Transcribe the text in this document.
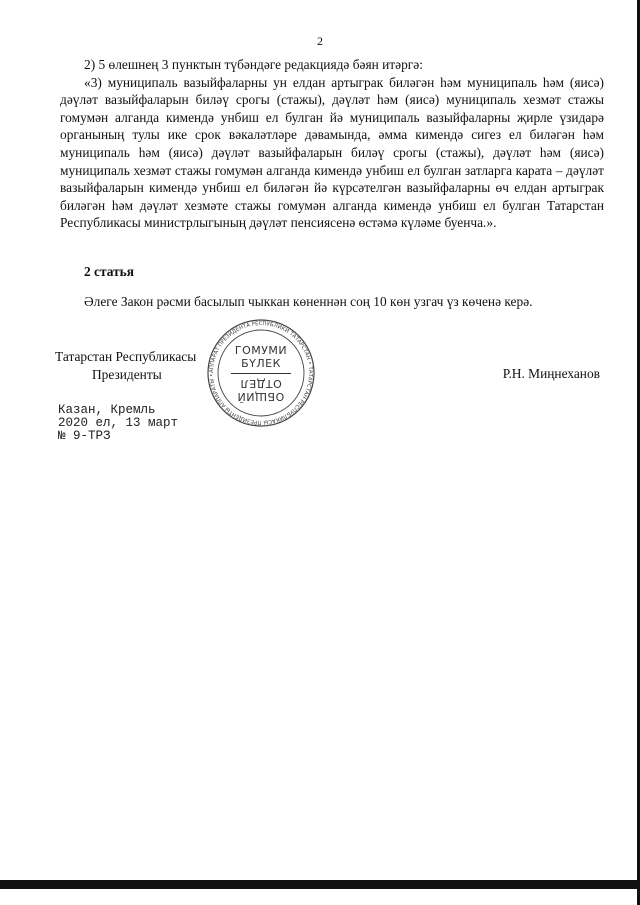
2

2) 5 өлешнең 3 пунктын түбәндәге редакциядә бәян итәргә:

«3) муниципаль вазыйфаларны ун елдан артыграк биләгән һәм муниципаль һәм (яисә) дәүләт вазыйфаларын биләү срогы (стажы), дәүләт һәм (яисә) муниципаль хезмәт стажы гомумән алганда кимендә унбиш ел булган йә муниципаль вазыйфаларны җирле үзидарә органының тулы ике срок вәкаләтләре дәвамында, әмма кимендә сигез ел биләгән һәм муниципаль һәм (яисә) дәүләт вазыйфаларын биләү срогы (стажы), дәүләт һәм (яисә) муниципаль хезмәт стажы гомумән алганда кимендә унбиш ел булган затларга карата – дәүләт вазыйфаларын кимендә унбиш ел биләгән йә күрсәтелгән вазыйфаларны өч елдан артыграк биләгән һәм дәүләт хезмәте стажы гомумән алганда кимендә унбиш ел булган Татарстан Республикасы министрлыгының дәүләт пенсиясенә өстәмә күләме буенча.».

2 статья
Әлеге Закон рәсми басылып чыккан көненнән соң 10 көн узгач үз көченә керә.
АППАРАТ ПРЕЗИДЕНТА РЕСПУБЛИКИ ТАТАРСТАН • ТАТАРСТАН РЕСПУБЛИКАСЫ ПРЕЗИДЕНТЫ АППАРАТЫ •
ГОМУМИ
БҮЛЕК
ОТДЕЛ
ОБЩИЙ
Татарстан Республикасы
Президенты	Р.Н. Миңнеханов
Казан, Кремль
2020 ел, 13 март
№ 9-ТРЗ
